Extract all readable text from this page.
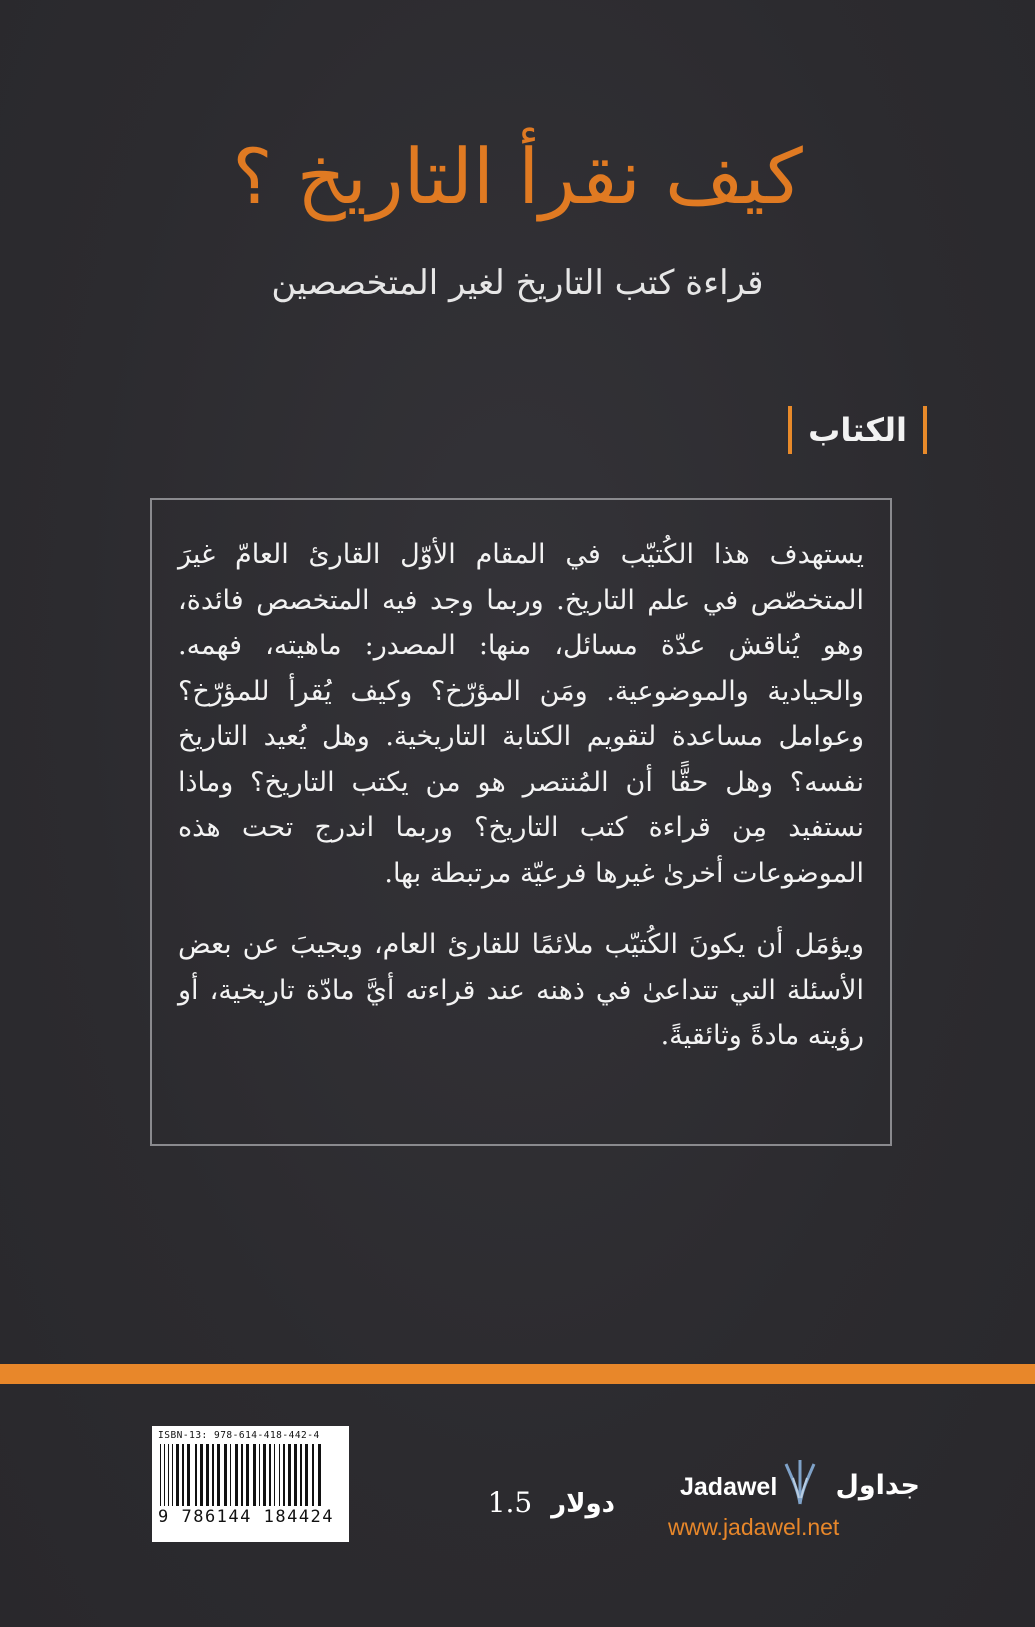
كيف نقرأ التاريخ ؟
قراءة كتب التاريخ لغير المتخصصين
الكتاب

يستهدف هذا الكُتيّب في المقام الأوّل القارئ العامّ غيرَ المتخصّص في علم التاريخ. وربما وجد فيه المتخصص فائدة، وهو يُناقش عدّة مسائل، منها: المصدر: ماهيته، فهمه. والحيادية والموضوعية. ومَن المؤرّخ؟ وكيف يُقرأ للمؤرّخ؟ وعوامل مساعدة لتقويم الكتابة التاريخية. وهل يُعيد التاريخ نفسه؟ وهل حقًّا أن المُنتصر هو من يكتب التاريخ؟ وماذا نستفيد مِن قراءة كتب التاريخ؟ وربما اندرج تحت هذه الموضوعات أخرىٰ غيرها فرعيّة مرتبطة بها.

ويؤمَل أن يكونَ الكُتيّب ملائمًا للقارئ العام، ويجيبَ عن بعض الأسئلة التي تتداعىٰ في ذهنه عند قراءته أيَّ مادّة تاريخية، أو رؤيته مادةً وثائقيةً.

ISBN-13: 978-614-418-442-4
9 786144 184424	دولار 1.5	Jadawel جداول
www.jadawel.net
